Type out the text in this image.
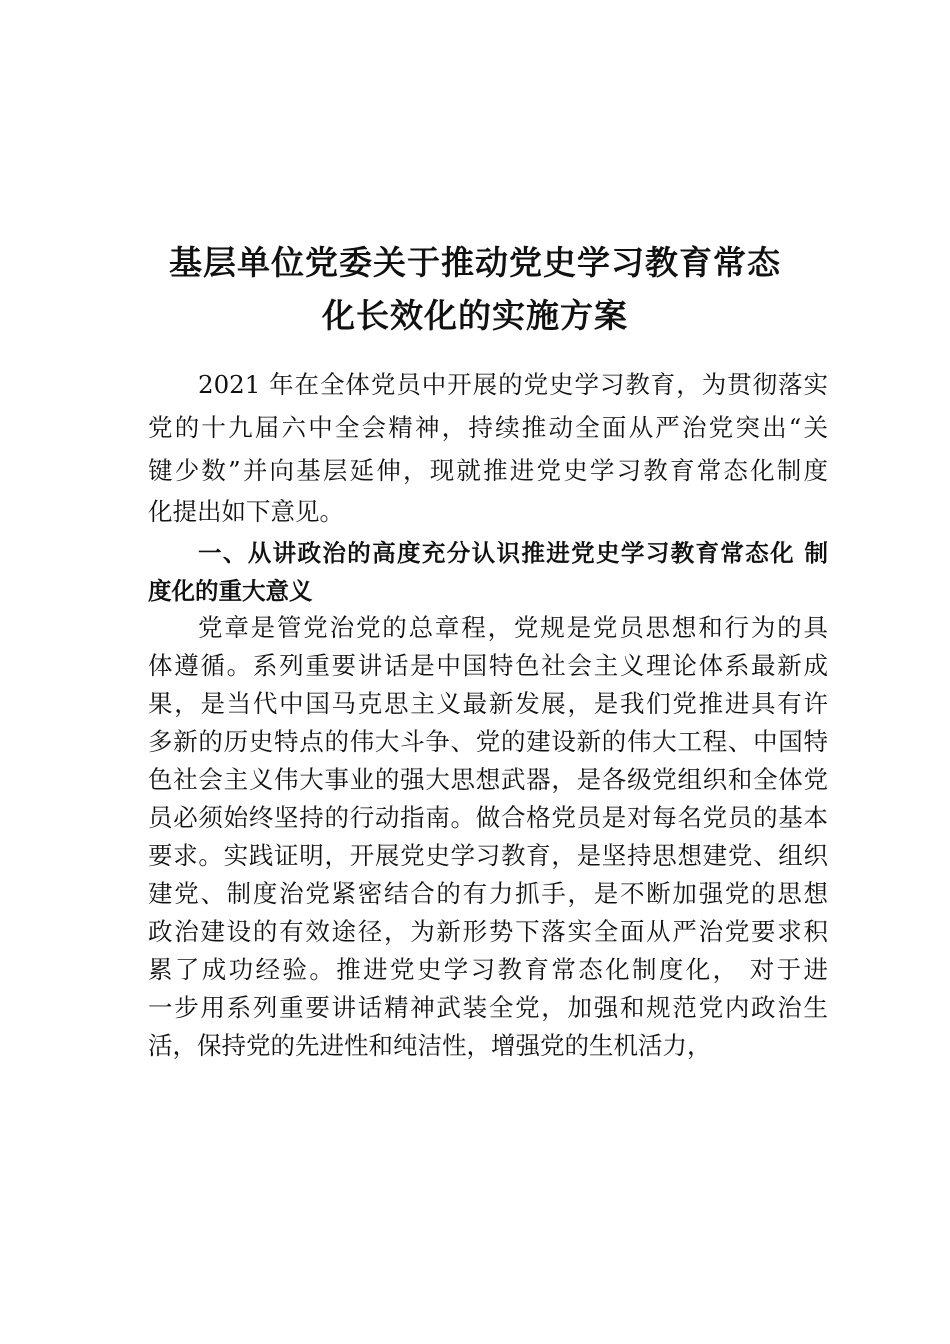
基层单位党委关于推动党史学习教育常态
化长效化的实施方案
2021 年在全体党员中开展的党史学习教育，为贯彻落实
党的十九届六中全会精神，持续推动全面从严治党突出“关
键少数”并向基层延伸，现就推进党史学习教育常态化制度
化提出如下意见。
一、从讲政治的高度充分认识推进党史学习教育常态化 制
度化的重大意义
党章是管党治党的总章程，党规是党员思想和行为的具
体遵循。系列重要讲话是中国特色社会主义理论体系最新成
果，是当代中国马克思主义最新发展，是我们党推进具有许
多新的历史特点的伟大斗争、党的建设新的伟大工程、中国特
色社会主义伟大事业的强大思想武器，是各级党组织和全体党
员必须始终坚持的行动指南。做合格党员是对每名党员的基本
要求。实践证明，开展党史学习教育，是坚持思想建党、组织
建党、制度治党紧密结合的有力抓手，是不断加强党的思想
政治建设的有效途径，为新形势下落实全面从严治党要求积
累了成功经验。推进党史学习教育常态化制度化， 对于进
一步用系列重要讲话精神武装全党，加强和规范党内政治生
活，保持党的先进性和纯洁性，增强党的生机活力，
